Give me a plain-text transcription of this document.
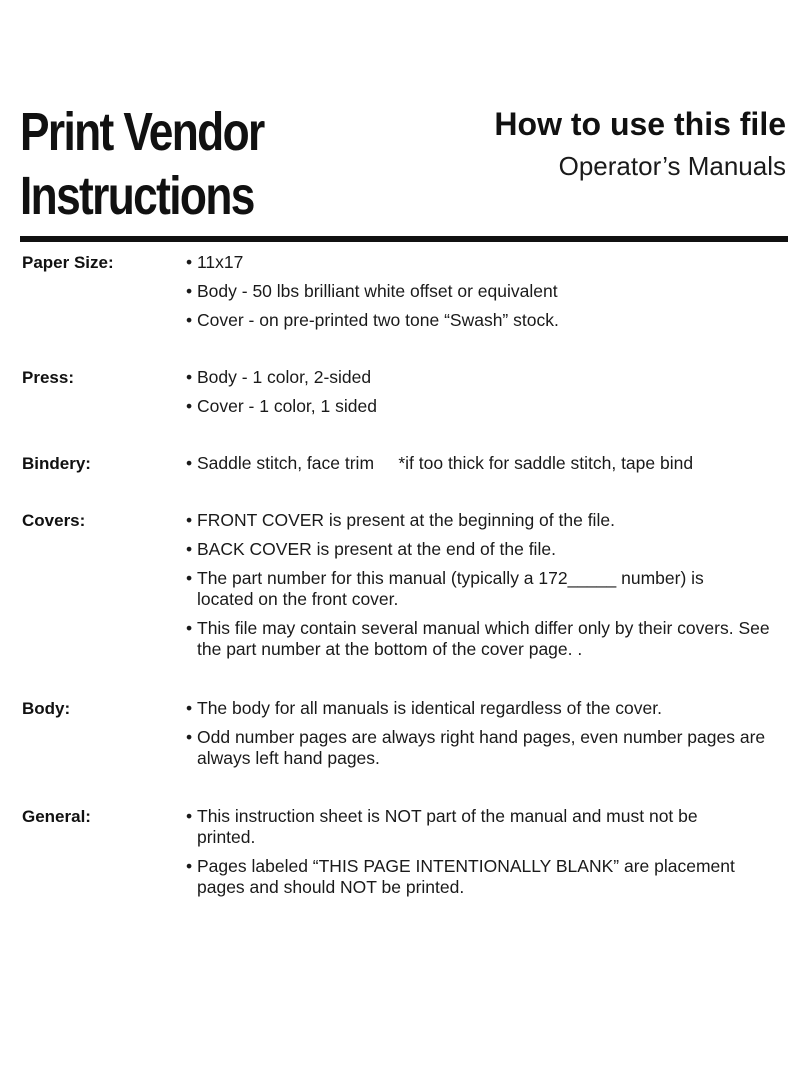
Print Vendor
Instructions
How to use this file
Operator’s Manuals
Paper Size:	• 11x17
• Body - 50 lbs brilliant white offset or equivalent
• Cover - on pre-printed two tone “Swash” stock.
Press:	• Body - 1 color, 2-sided
• Cover - 1 color, 1 sided
Bindery:	• Saddle stitch, face trim     *if too thick for saddle stitch, tape bind
Covers:	• FRONT COVER is present at the beginning of the file.
• BACK COVER is present at the end of the file.
• The part number for this manual (typically a 172_____ number) is located on the front cover.
• This file may contain several manual which differ only by their covers. See the part number at the bottom of the cover page. .
Body:	• The body for all manuals is identical regardless of the cover.
• Odd number pages are always right hand pages, even number pages are always left hand pages.
General:	• This instruction sheet is NOT part of the manual and must not be printed.
• Pages labeled “THIS PAGE INTENTIONALLY BLANK” are placement pages and should NOT be printed.
